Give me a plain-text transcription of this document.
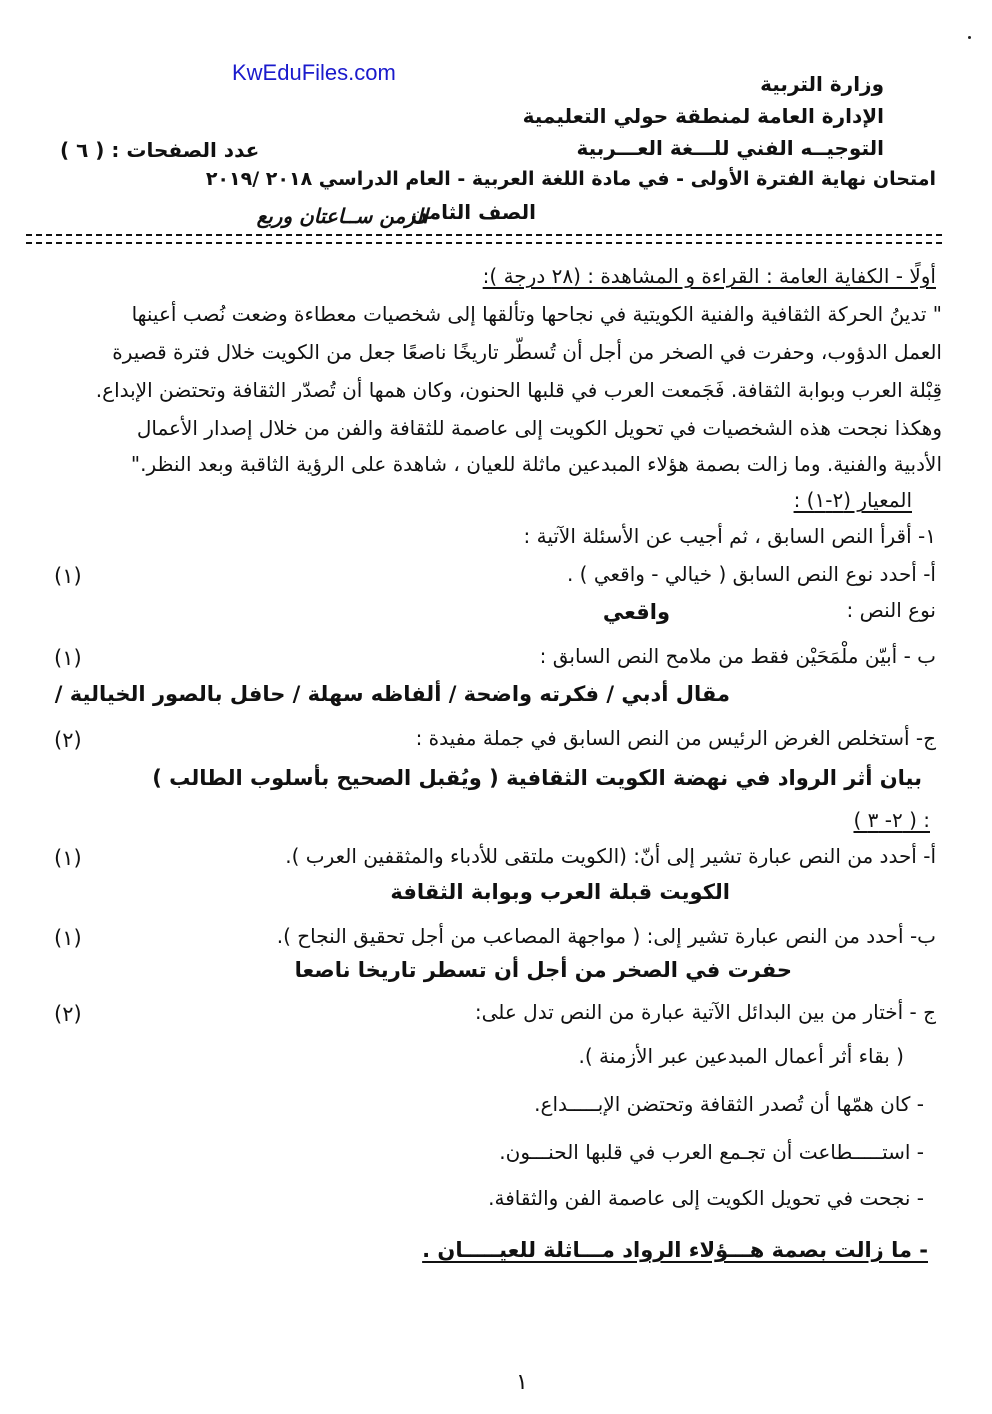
KwEduFiles.com	وزارة التربية
الإدارة العامة لمنطقة حولي التعليمية
التوجيــه الفني للـــغة العـــربية
عدد الصفحات : ( ٦ )
امتحان نهاية الفترة الأولى - في مادة اللغة العربية - العام الدراسي ٢٠١٨ /٢٠١٩
الصف الثامن
الزمن ســاعتان وربع
أولًا - الكفاية العامة : القراءة و المشاهدة : (٢٨ درجة ):
" تدينُ الحركة الثقافية والفنية الكويتية في نجاحها وتألقها إلى شخصيات معطاءة وضعت نُصب أعينها
العمل الدؤوب، وحفرت في الصخر من أجل أن تُسطّر تاريخًا ناصعًا جعل من الكويت خلال فترة قصيرة
قِبْلة العرب وبوابة الثقافة. فَجَمعت العرب في قلبها الحنون، وكان همها أن تُصدّر الثقافة وتحتضن الإبداع.
وهكذا نجحت هذه الشخصيات في تحويل الكويت إلى عاصمة للثقافة والفن من خلال إصدار الأعمال
الأدبية والفنية. وما زالت بصمة هؤلاء المبدعين ماثلة للعيان ، شاهدة على الرؤية الثاقبة وبعد النظر."
المعيار (٢-١) :
١- أقرأ النص السابق ، ثم أجيب عن الأسئلة الآتية :
أ- أحدد نوع النص السابق ( خيالي - واقعي ) .
(١)
نوع النص :
واقعي
ب - أبيّن ملْمَحَيْن فقط من ملامح النص السابق :
(١)
مقال أدبي / فكرته واضحة / ألفاظه سهلة / حافل بالصور الخيالية /
ج- أستخلص الغرض الرئيس من النص السابق في جملة مفيدة :
(٢)
بيان أثر الرواد في نهضة الكويت الثقافية ( ويُقبل الصحيح بأسلوب الطالب )
( ٢- ٣ ) :
أ- أحدد من النص عبارة تشير إلى أنّ: (الكويت ملتقى للأدباء والمثقفين العرب ).
(١)
الكويت قبلة العرب وبوابة الثقافة
ب- أحدد من النص عبارة تشير إلى: ( مواجهة المصاعب من أجل تحقيق النجاح ).
(١)
حفرت في الصخر من أجل أن تسطر تاريخا ناصعا
ج - أختار من بين البدائل الآتية عبارة من النص تدل على:
(٢)
( بقاء أثر أعمال المبدعين عبر الأزمنة ).
- كان همّها أن تُصدر الثقافة وتحتضن الإبـــــداع.
- استـــــطاعت أن تجـمع العرب في قلبها الحنـــون.
- نجحت في تحويل الكويت إلى عاصمة الفن والثقافة.
- ما زالت بصمة هـــؤلاء الرواد مـــاثلة للعيـــــان .
١
